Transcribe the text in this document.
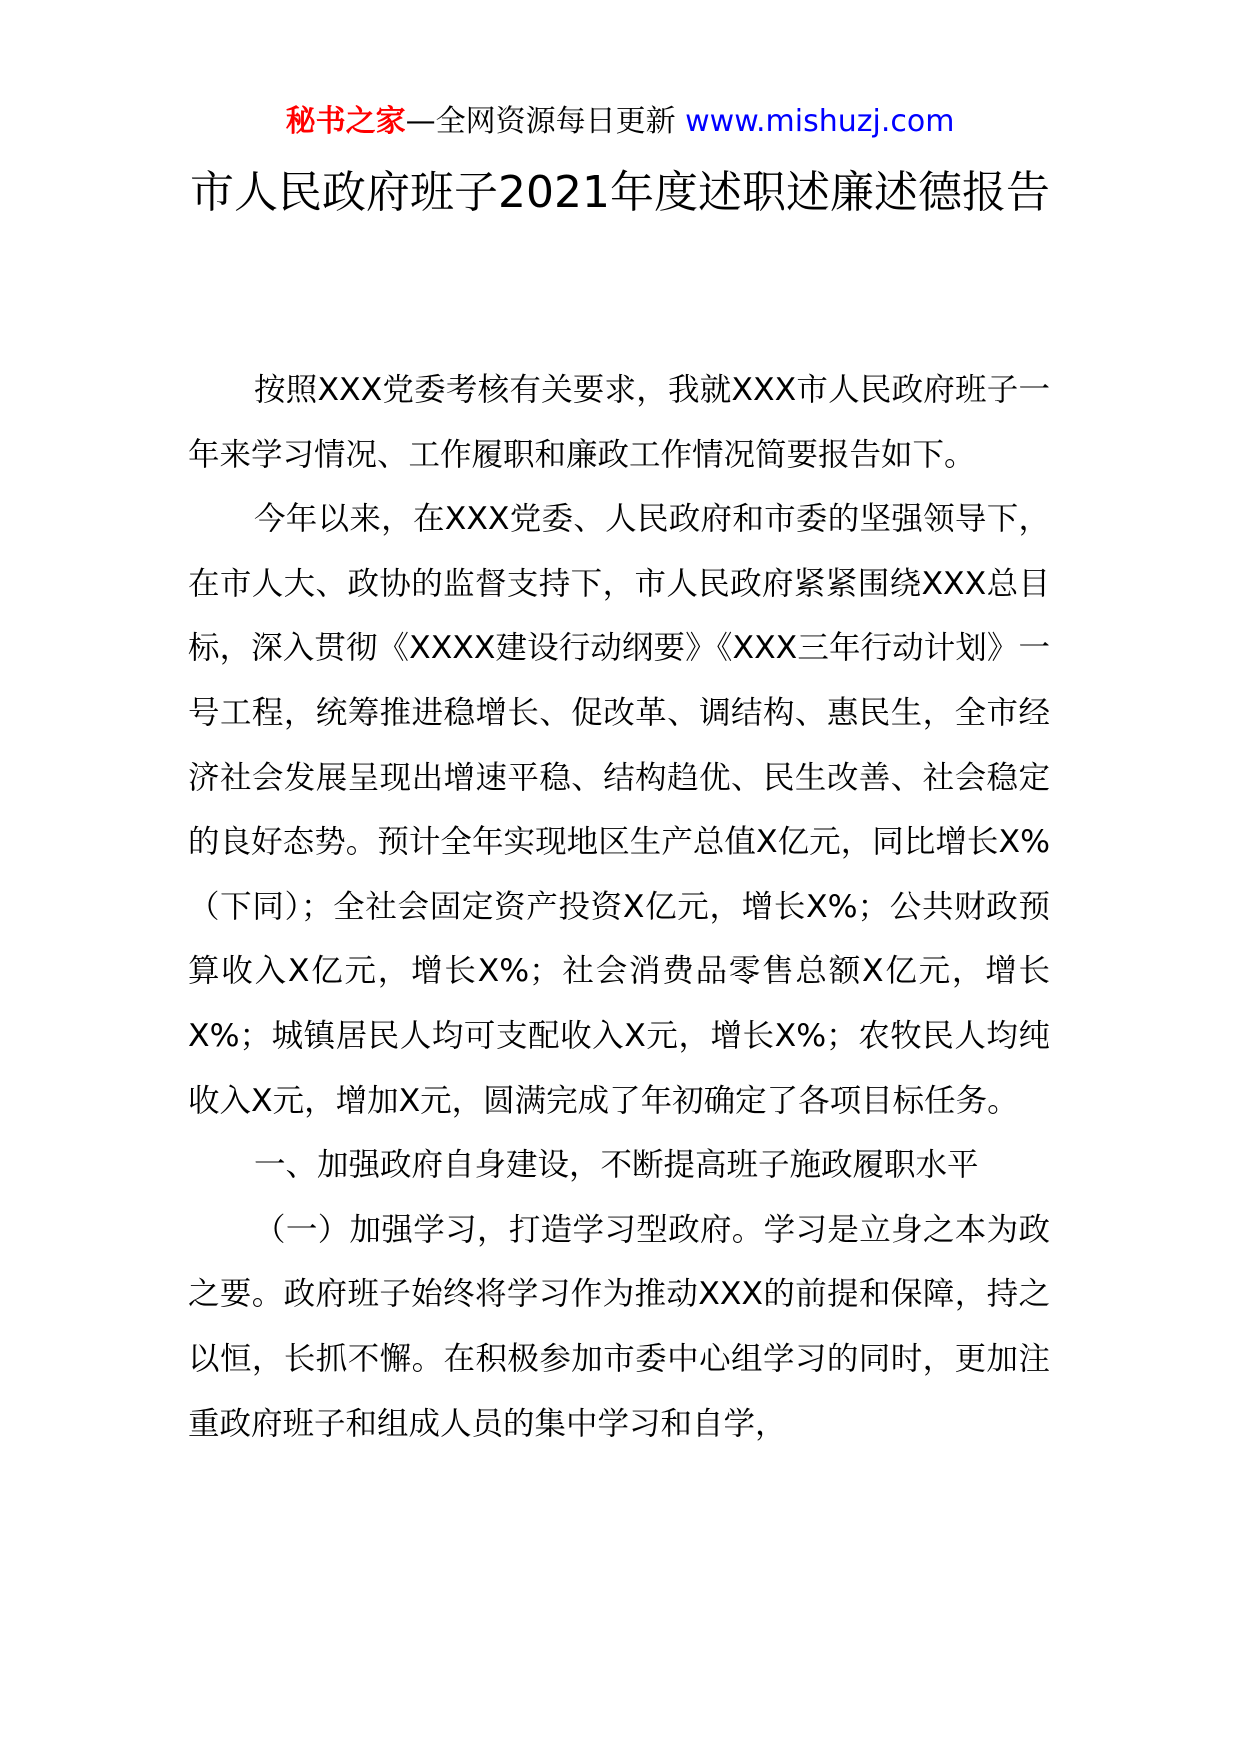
秘书之家—全网资源每日更新 www.mishuzj.com
市人民政府班子2021年度述职述廉述德报告

按照XXX党委考核有关要求，我就XXX市人民政府班子一年来学习情况、工作履职和廉政工作情况简要报告如下。

今年以来，在XXX党委、人民政府和市委的坚强领导下，在市人大、政协的监督支持下，市人民政府紧紧围绕XXX总目标，深入贯彻《XXXX建设行动纲要》《XXX三年行动计划》一号工程，统筹推进稳增长、促改革、调结构、惠民生，全市经济社会发展呈现出增速平稳、结构趋优、民生改善、社会稳定的良好态势。预计全年实现地区生产总值X亿元，同比增长X%（下同）；全社会固定资产投资X亿元，增长X%；公共财政预算收入X亿元，增长X%；社会消费品零售总额X亿元，增长X%；城镇居民人均可支配收入X元，增长X%；农牧民人均纯收入X元，增加X元，圆满完成了年初确定了各项目标任务。

一、加强政府自身建设，不断提高班子施政履职水平

（一）加强学习，打造学习型政府。学习是立身之本为政之要。政府班子始终将学习作为推动XXX的前提和保障，持之以恒，长抓不懈。在积极参加市委中心组学习的同时，更加注重政府班子和组成人员的集中学习和自学，
